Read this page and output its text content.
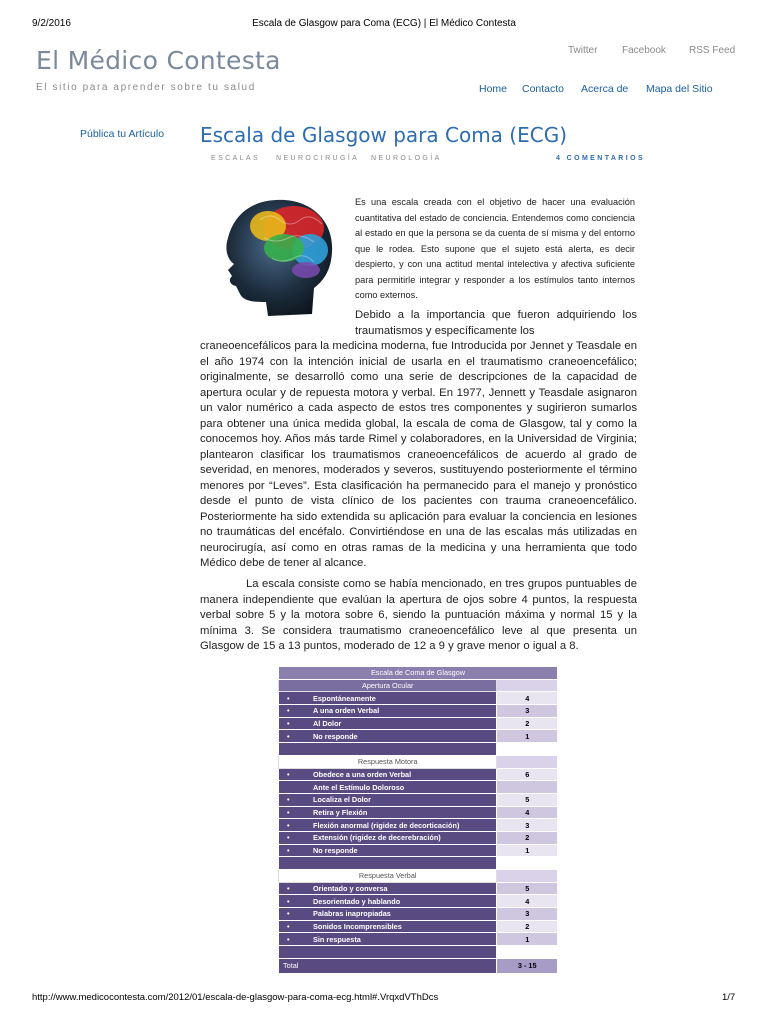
9/2/2016	Escala de Glasgow para Coma (ECG) | El Médico Contesta
El Médico Contesta
El sitio para aprender sobre tu salud
Twitter Facebook RSS Feed
Home Contacto Acerca de Mapa del Sitio
Pública tu Artículo Escala de Glasgow para Coma (ECG)
ESCALAS NEUROCIRUGÍA NEUROLOGÍA	4 COMENTARIOS
Es una escala creada con el objetivo de hacer una evaluación cuantitativa del estado de conciencia. Entendemos como conciencia al estado en que la persona se da cuenta de sí misma y del entorno que le rodea. Esto supone que el sujeto está alerta, es decir despierto, y con una actitud mental intelectiva y afectiva suficiente para permitirle integrar y responder a los estímulos tanto internos como externos.
Debido a la importancia que fueron adquiriendo los traumatismos y específicamente los
craneoencefálicos para la medicina moderna, fue Introducida por Jennet y Teasdale en el año 1974 con la intención inicial de usarla en el traumatismo craneoencefálico; originalmente, se desarrolló como una serie de descripciones de la capacidad de apertura ocular y de repuesta motora y verbal. En 1977, Jennett y Teasdale asignaron un valor numérico a cada aspecto de estos tres componentes y sugirieron sumarlos para obtener una única medida global, la escala de coma de Glasgow, tal y como la conocemos hoy. Años más tarde Rimel y colaboradores, en la Universidad de Virginia; plantearon clasificar los traumatismos craneoencefálicos de acuerdo al grado de severidad, en menores, moderados y severos, sustituyendo posteriormente el término menores por “Leves”. Esta clasificación ha permanecido para el manejo y pronóstico desde el punto de vista clínico de los pacientes con trauma craneoencefálico. Posteriormente ha sido extendida su aplicación para evaluar la conciencia en lesiones no traumáticas del encéfalo. Convirtiéndose en una de las escalas más utilizadas en neurocirugía, así como en otras ramas de la medicina y una herramienta que todo Médico debe de tener al alcance.
La escala consiste como se había mencionado, en tres grupos puntuables de manera independiente que evalúan la apertura de ojos sobre 4 puntos, la respuesta verbal sobre 5 y la motora sobre 6, siendo la puntuación máxima y normal 15 y la mínima 3. Se considera traumatismo craneoencefálico leve al que presenta un Glasgow de 15 a 13 puntos, moderado de 12 a 9 y grave menor o igual a 8.
Escala de Coma de Glasgow	
Apertura Ocular	
• Espontáneamente	4
• A una orden Verbal	3
• Al Dolor	2
• No responde	1

Respuesta Motora	
• Obedece a una orden Verbal	6
Ante el Estímulo Doloroso	
• Localiza el Dolor	5
• Retira y Flexión	4
• Flexión anormal (rigidez de decorticación)	3
• Extensión (rigidez de decerebración)	2
• No responde	1

Respuesta Verbal	
• Orientado y conversa	5
• Desorientado y hablando	4
• Palabras inapropiadas	3
• Sonidos Incomprensibles	2
• Sin respuesta	1

Total	3 - 15
http://www.medicocontesta.com/2012/01/escala-de-glasgow-para-coma-ecg.html#.VrqxdVThDcs	1/7
